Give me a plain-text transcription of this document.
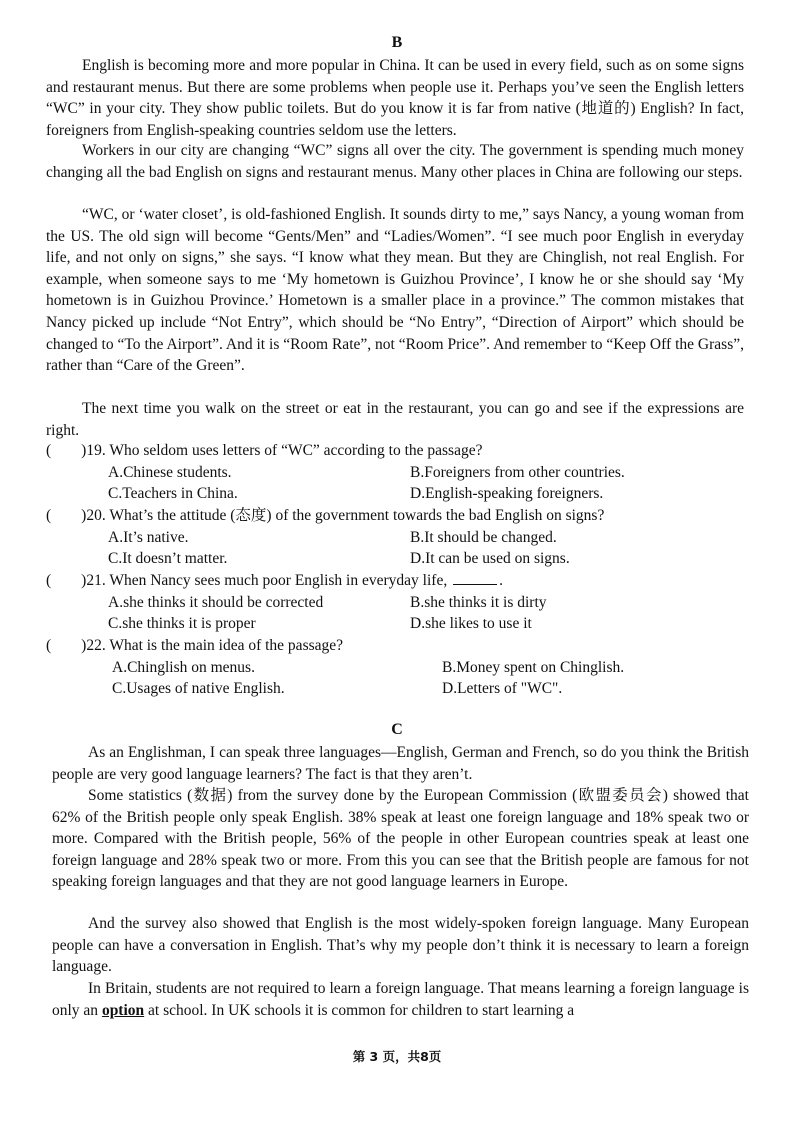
B

English is becoming more and more popular in China. It can be used in every field, such as on some signs and restaurant menus. But there are some problems when people use it. Perhaps you’ve seen the English letters “WC” in your city. They show public toilets. But do you know it is far from native (地道的) English? In fact, foreigners from English-speaking countries seldom use the letters.

Workers in our city are changing “WC” signs all over the city. The government is spending much money changing all the bad English on signs and restaurant menus. Many other places in China are following our steps.

“WC, or ‘water closet’, is old-fashioned English. It sounds dirty to me,” says Nancy, a young woman from the US. The old sign will become “Gents/Men” and “Ladies/Women”. “I see much poor English in everyday life, and not only on signs,” she says. “I know what they mean. But they are Chinglish, not real English. For example, when someone says to me ‘My hometown is Guizhou Province’, I know he or she should say ‘My hometown is in Guizhou Province.’ Hometown is a smaller place in a province.” The common mistakes that Nancy picked up include “Not Entry”, which should be “No Entry”, “Direction of Airport” which should be changed to “To the Airport”. And it is “Room Rate”, not “Room Price”. And remember to “Keep Off the Grass”, rather than “Care of the Green”.

The next time you walk on the street or eat in the restaurant, you can go and see if the expressions are right.

( )19. Who seldom uses letters of “WC” according to the passage?
A.Chinese students.	B.Foreigners from other countries.
C.Teachers in China.	D.English-speaking foreigners.
( )20. What’s the attitude (态度) of the government towards the bad English on signs?
A.It’s native.	B.It should be changed.
C.It doesn’t matter.	D.It can be used on signs.
( )21. When Nancy sees much poor English in everyday life,	.
A.she thinks it should be corrected	B.she thinks it is dirty
C.she thinks it is proper	D.she likes to use it
( )22. What is the main idea of the passage?
A.Chinglish on menus.	B.Money spent on Chinglish.
C.Usages of native English.	D.Letters of "WC".
C

As an Englishman, I can speak three languages—English, German and French, so do you think the British people are very good language learners? The fact is that they aren’t.

Some statistics (数据) from the survey done by the European Commission (欧盟委员会) showed that 62% of the British people only speak English. 38% speak at least one foreign language and 18% speak two or more. Compared with the British people, 56% of the people in other European countries speak at least one foreign language and 28% speak two or more. From this you can see that the British people are famous for not speaking foreign languages and that they are not good language learners in Europe.

And the survey also showed that English is the most widely-spoken foreign language. Many European people can have a conversation in English. That’s why my people don’t think it is necessary to learn a foreign language.

In Britain, students are not required to learn a foreign language. That means learning a foreign language is only an option at school. In UK schools it is common for children to start learning a

第 3 页，共8页
